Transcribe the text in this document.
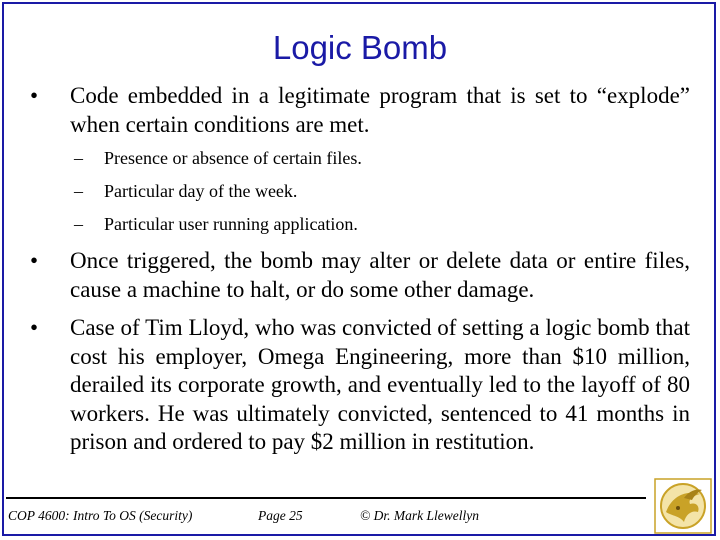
Logic Bomb
• Code embedded in a legitimate program that is set to “explode” when certain conditions are met.
– Presence or absence of certain files.
– Particular day of the week.
– Particular user running application.
• Once triggered, the bomb may alter or delete data or entire files, cause a machine to halt, or do some other damage.
• Case of Tim Lloyd, who was convicted of setting a logic bomb that cost his employer, Omega Engineering, more than $10 million, derailed its corporate growth, and eventually led to the layoff of 80 workers. He was ultimately convicted, sentenced to 41 months in prison and ordered to pay $2 million in restitution.
COP 4600: Intro To OS (Security)	Page 25	© Dr. Mark Llewellyn
